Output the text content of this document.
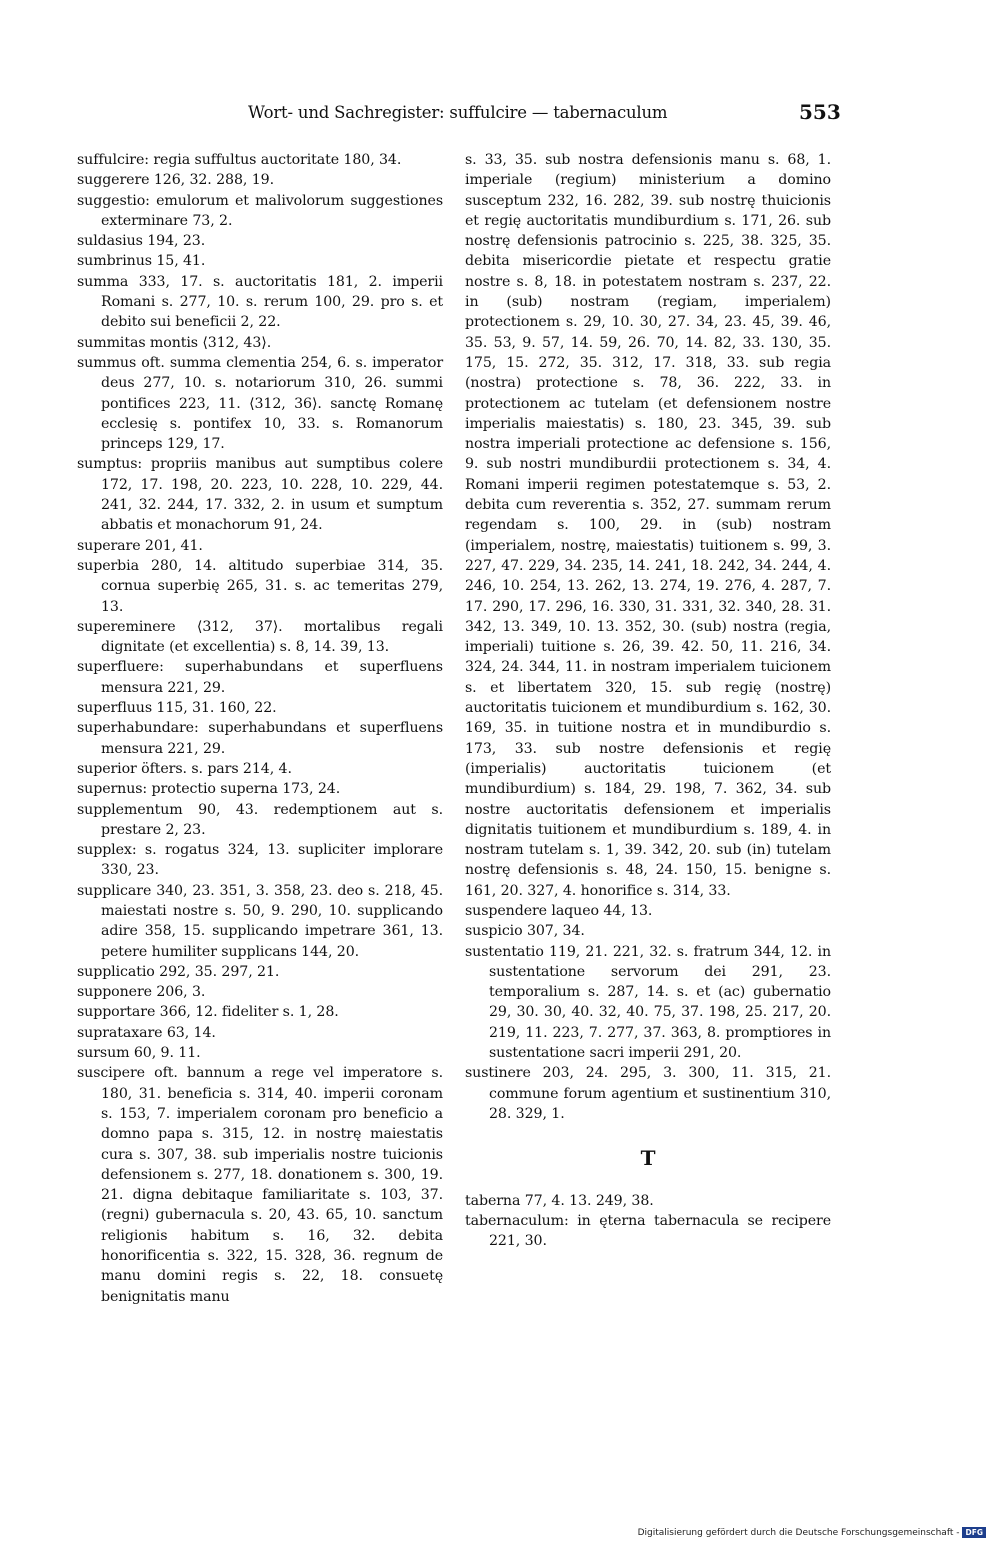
Wort- und Sachregister: suffulcire — tabernaculum	553

suffulcire: regia suffultus auctoritate 180, 34.

suggerere 126, 32. 288, 19.

suggestio: emulorum et malivolorum suggestiones exterminare 73, 2.

suldasius 194, 23.

sumbrinus 15, 41.

summa 333, 17. s. auctoritatis 181, 2. imperii Romani s. 277, 10. s. rerum 100, 29. pro s. et debito sui beneficii 2, 22.

summitas montis ⟨312, 43⟩.

summus oft. summa clementia 254, 6. s. imperator deus 277, 10. s. notariorum 310, 26. summi pontifices 223, 11. ⟨312, 36⟩. sanctę Romanę ecclesię s. pontifex 10, 33. s. Romanorum princeps 129, 17.

sumptus: propriis manibus aut sumptibus colere 172, 17. 198, 20. 223, 10. 228, 10. 229, 44. 241, 32. 244, 17. 332, 2. in usum et sumptum abbatis et monachorum 91, 24.

superare 201, 41.

superbia 280, 14. altitudo superbiae 314, 35. cornua superbię 265, 31. s. ac temeritas 279, 13.

supereminere ⟨312, 37⟩. mortalibus regali dignitate (et excellentia) s. 8, 14. 39, 13.

superfluere: superhabundans et superfluens mensura 221, 29.

superfluus 115, 31. 160, 22.

superhabundare: superhabundans et superfluens mensura 221, 29.

superior öfters. s. pars 214, 4.

supernus: protectio superna 173, 24.

supplementum 90, 43. redemptionem aut s. prestare 2, 23.

supplex: s. rogatus 324, 13. supliciter implorare 330, 23.

supplicare 340, 23. 351, 3. 358, 23. deo s. 218, 45. maiestati nostre s. 50, 9. 290, 10. supplicando adire 358, 15. supplicando impetrare 361, 13. petere humiliter supplicans 144, 20.

supplicatio 292, 35. 297, 21.

supponere 206, 3.

supportare 366, 12. fideliter s. 1, 28.

suprataxare 63, 14.

sursum 60, 9. 11.

suscipere oft. bannum a rege vel imperatore s. 180, 31. beneficia s. 314, 40. imperii coronam s. 153, 7. imperialem coronam pro beneficio a domno papa s. 315, 12. in nostrę maiestatis cura s. 307, 38. sub imperialis nostre tuicionis defensionem s. 277, 18. donationem s. 300, 19. 21. digna debitaque familiaritate s. 103, 37. (regni) gubernacula s. 20, 43. 65, 10. sanctum religionis habitum s. 16, 32. debita honorificentia s. 322, 15. 328, 36. regnum de manu domini regis s. 22, 18. consuetę benignitatis manu

s. 33, 35. sub nostra defensionis manu s. 68, 1. imperiale (regium) ministerium a domino susceptum 232, 16. 282, 39. sub nostrę thuicionis et regię auctoritatis mundiburdium s. 171, 26. sub nostrę defensionis patrocinio s. 225, 38. 325, 35. debita misericordie pietate et respectu gratie nostre s. 8, 18. in potestatem nostram s. 237, 22. in (sub) nostram (regiam, imperialem) protectionem s. 29, 10. 30, 27. 34, 23. 45, 39. 46, 35. 53, 9. 57, 14. 59, 26. 70, 14. 82, 33. 130, 35. 175, 15. 272, 35. 312, 17. 318, 33. sub regia (nostra) protectione s. 78, 36. 222, 33. in protectionem ac tutelam (et defensionem nostre imperialis maiestatis) s. 180, 23. 345, 39. sub nostra imperiali protectione ac defensione s. 156, 9. sub nostri mundiburdii protectionem s. 34, 4. Romani imperii regimen potestatemque s. 53, 2. debita cum reverentia s. 352, 27. summam rerum regendam s. 100, 29. in (sub) nostram (imperialem, nostrę, maiestatis) tuitionem s. 99, 3. 227, 47. 229, 34. 235, 14. 241, 18. 242, 34. 244, 4. 246, 10. 254, 13. 262, 13. 274, 19. 276, 4. 287, 7. 17. 290, 17. 296, 16. 330, 31. 331, 32. 340, 28. 31. 342, 13. 349, 10. 13. 352, 30. (sub) nostra (regia, imperiali) tuitione s. 26, 39. 42. 50, 11. 216, 34. 324, 24. 344, 11. in nostram imperialem tuicionem s. et libertatem 320, 15. sub regię (nostrę) auctoritatis tuicionem et mundiburdium s. 162, 30. 169, 35. in tuitione nostra et in mundiburdio s. 173, 33. sub nostre defensionis et regię (imperialis) auctoritatis tuicionem (et mundiburdium) s. 184, 29. 198, 7. 362, 34. sub nostre auctoritatis defensionem et imperialis dignitatis tuitionem et mundiburdium s. 189, 4. in nostram tutelam s. 1, 39. 342, 20. sub (in) tutelam nostrę defensionis s. 48, 24. 150, 15. benigne s. 161, 20. 327, 4. honorifice s. 314, 33.

suspendere laqueo 44, 13.

suspicio 307, 34.

sustentatio 119, 21. 221, 32. s. fratrum 344, 12. in sustentatione servorum dei 291, 23. temporalium s. 287, 14. s. et (ac) gubernatio 29, 30. 30, 40. 32, 40. 75, 37. 198, 25. 217, 20. 219, 11. 223, 7. 277, 37. 363, 8. promptiores in sustentatione sacri imperii 291, 20.

sustinere 203, 24. 295, 3. 300, 11. 315, 21. commune forum agentium et sustinentium 310, 28. 329, 1.

T

taberna 77, 4. 13. 249, 38.

tabernaculum: in ęterna tabernacula se recipere 221, 30.

Digitalisierung gefördert durch die Deutsche Forschungsgemeinschaft - DFG
